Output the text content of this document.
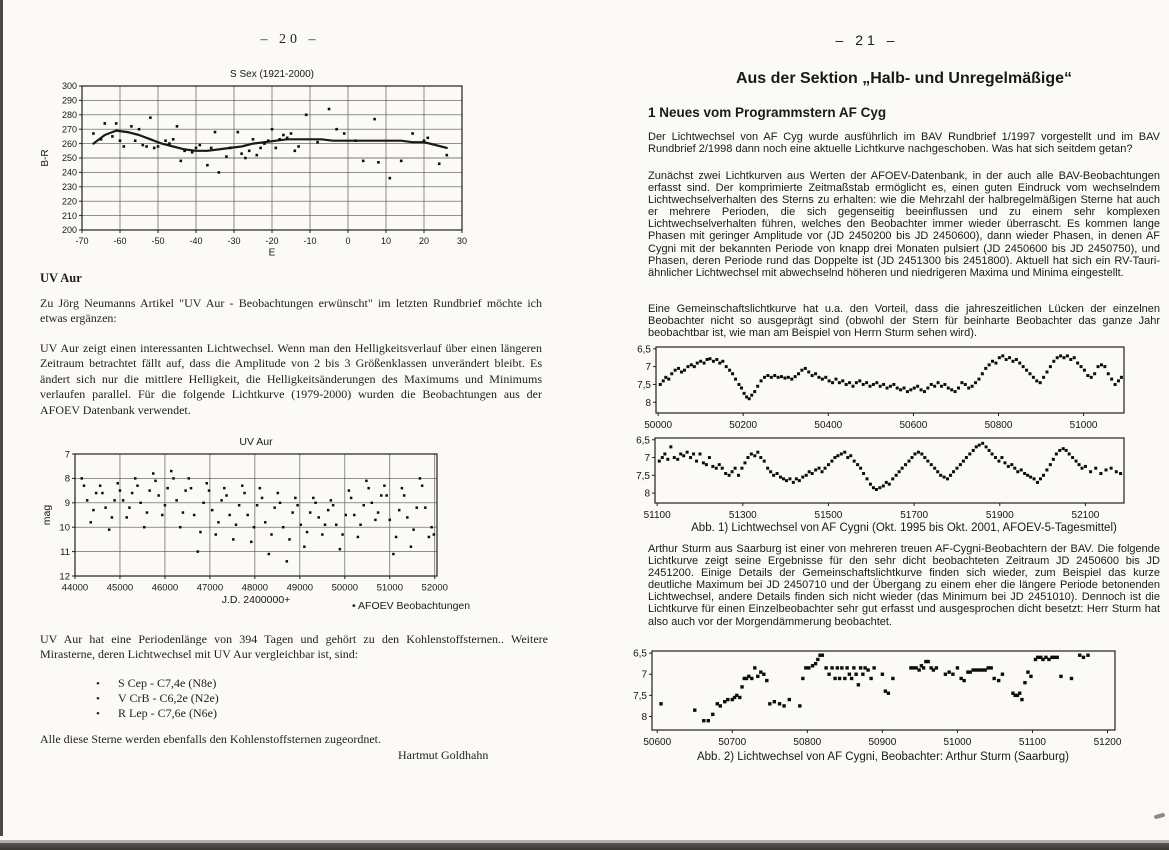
– 20 –
-70	-60	-50	-40	-30	-20	-10	0	10	20	30
200
210
220
230
240
250
260
270
280
290
300
S Sex (1921-2000)
E
B-R
UV Aur
Zu Jörg Neumanns Artikel "UV Aur - Beobachtungen erwünscht" im letzten Rundbrief möchte ich etwas ergänzen:
UV Aur zeigt einen interessanten Lichtwechsel. Wenn man den Helligkeitsverlauf über einen längeren Zeitraum betrachtet fällt auf, dass die Amplitude von 2 bis 3 Größenklassen unverändert bleibt. Es ändert sich nur die mittlere Helligkeit, die Helligkeitsänderungen des Maximums und Minimums verlaufen parallel. Für die folgende Lichtkurve (1979-2000) wurden die Beobachtungen aus der AFOEV Datenbank verwendet.
44000 45000 46000 47000 48000 49000 50000 51000 52000
7
8
9
10
11
12
UV Aur
J.D. 2400000+
mag
• AFOEV Beobachtungen
UV Aur hat eine Periodenlänge von 394 Tagen und gehört zu den Kohlenstoffsternen.. Weitere Mirasterne, deren Lichtwechsel mit UV Aur vergleichbar ist, sind:
•	S Cep - C7,4e (N8e)
•	V CrB - C6,2e (N2e)
•	R Lep - C7,6e (N6e)
Alle diese Sterne werden ebenfalls den Kohlenstoffsternen zugeordnet.
Hartmut Goldhahn
– 21 –
Aus der Sektion „Halb- und Unregelmäßige“
1 Neues vom Programmstern AF Cyg
Der Lichtwechsel von AF Cyg wurde ausführlich im BAV Rundbrief 1/1997 vorgestellt und im BAV Rundbrief 2/1998 dann noch eine aktuelle Lichtkurve nachgeschoben. Was hat sich seitdem getan?
Zunächst zwei Lichtkurven aus Werten der AFOEV-Datenbank, in der auch alle BAV-Beobachtungen erfasst sind. Der komprimierte Zeitmaßstab ermöglicht es, einen guten Eindruck vom wechselndem Lichtwechselverhalten des Sterns zu erhalten: wie die Mehrzahl der halbregelmäßigen Sterne hat auch er mehrere Perioden, die sich gegenseitig beeinflussen und zu einem sehr komplexen Lichtwechselverhalten führen, welches den Beobachter immer wieder überrascht. Es kommen lange Phasen mit geringer Amplitude vor (JD 2450200 bis JD 2450600), dann wieder Phasen, in denen AF Cygni mit der bekannten Periode von knapp drei Monaten pulsiert (JD 2450600 bis JD 2450750), und Phasen, deren Periode rund das Doppelte ist (JD 2451300 bis 2451800). Aktuell hat sich ein RV-Tauri-ähnlicher Lichtwechsel mit abwechselnd höheren und niedrigeren Maxima und Minima eingestellt.
Eine Gemeinschaftslichtkurve hat u.a. den Vorteil, dass die jahreszeitlichen Lücken der einzelnen Beobachter nicht so ausgeprägt sind (obwohl der Stern für beinharte Beobachter das ganze Jahr beobachtbar ist, wie man am Beispiel von Herrn Sturm sehen wird).
50000	50200	50400	50600	50800	51000
6,5
7
7,5
8
51100	51300	51500	51700	51900	52100
6,5
7
7,5
8
Abb. 1) Lichtwechsel von AF Cygni (Okt. 1995 bis Okt. 2001, AFOEV-5-Tagesmittel)
Arthur Sturm aus Saarburg ist einer von mehreren treuen AF-Cygni-Beobachtern der BAV. Die folgende Lichtkurve zeigt seine Ergebnisse für den sehr dicht beobachteten Zeitraum JD 2450600 bis JD 2451200. Einige Details der Gemeinschaftslichtkurve finden sich wieder, zum Beispiel das kurze deutliche Maximum bei JD 2450710 und der Übergang zu einem eher die längere Periode betonenden Lichtwechsel, andere Details finden sich nicht wieder (das Minimum bei JD 2451010). Dennoch ist die Lichtkurve für einen Einzelbeobachter sehr gut erfasst und ausgesprochen dicht besetzt: Herr Sturm hat also auch vor der Morgendämmerung beobachtet.
50600	50700	50800	50900	51000	51100	51200
6,5
7
7,5
8
Abb. 2) Lichtwechsel von AF Cygni, Beobachter: Arthur Sturm (Saarburg)
